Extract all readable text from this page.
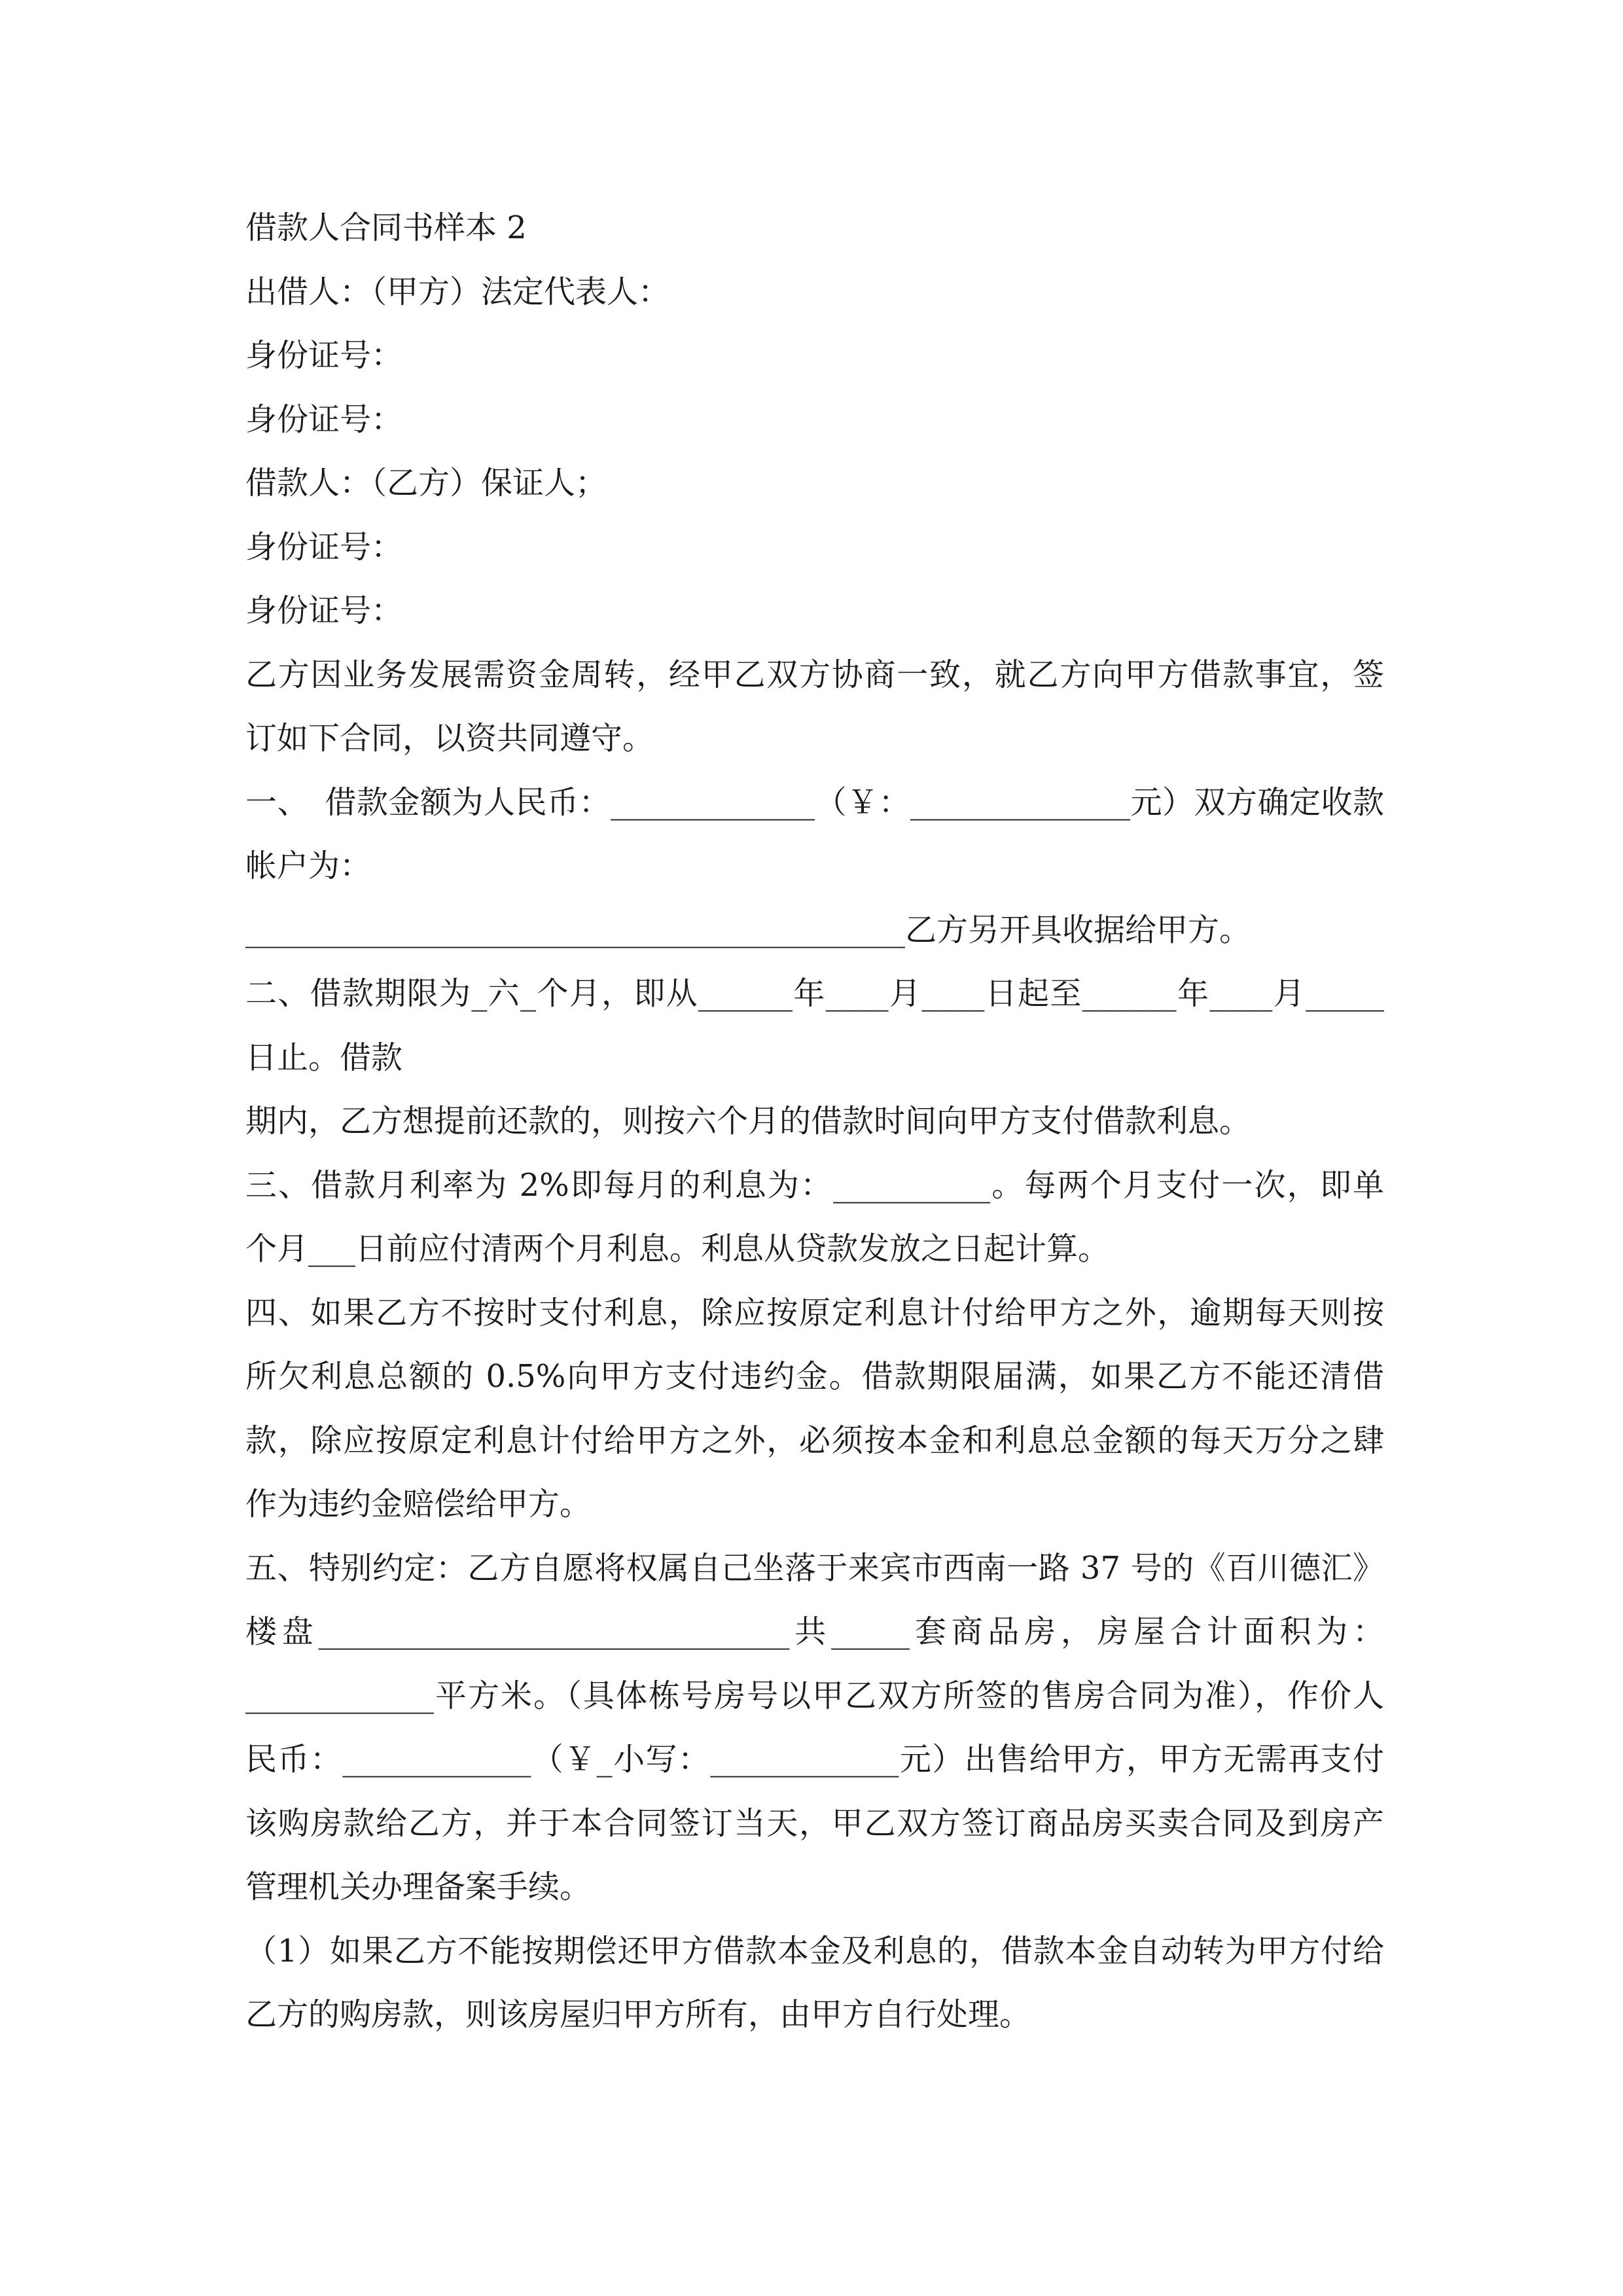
借款人合同书样本 2
出借人：（甲方）法定代表人：
身份证号：
身份证号：
借款人：（乙方）保证人；
身份证号：
身份证号：
乙方因业务发展需资金周转，经甲乙双方协商一致，就乙方向甲方借款事宜，签
订如下合同，以资共同遵守。
一、　借款金额为人民币：_____________（￥：______________元）双方确定收款
帐户为：
__________________________________________乙方另开具收据给甲方。
二、借款期限为_六_个月，即从______年____月____日起至______年____月_____
日止。借款
期内，乙方想提前还款的，则按六个月的借款时间向甲方支付借款利息。
三、借款月利率为 2%即每月的利息为：__________。每两个月支付一次，即单
个月___日前应付清两个月利息。利息从贷款发放之日起计算。
四、如果乙方不按时支付利息，除应按原定利息计付给甲方之外，逾期每天则按
所欠利息总额的 0.5%向甲方支付违约金。借款期限届满，如果乙方不能还清借
款，除应按原定利息计付给甲方之外，必须按本金和利息总金额的每天万分之肆
作为违约金赔偿给甲方。
五、特别约定：乙方自愿将权属自己坐落于来宾市西南一路 37 号的《百川德汇》
楼盘______________________________共_____套商品房，房屋合计面积为：
____________平方米。（具体栋号房号以甲乙双方所签的售房合同为准），作价人
民币：____________（￥_小写：____________元）出售给甲方，甲方无需再支付
该购房款给乙方，并于本合同签订当天，甲乙双方签订商品房买卖合同及到房产
管理机关办理备案手续。
（1）如果乙方不能按期偿还甲方借款本金及利息的，借款本金自动转为甲方付给
乙方的购房款，则该房屋归甲方所有，由甲方自行处理。
